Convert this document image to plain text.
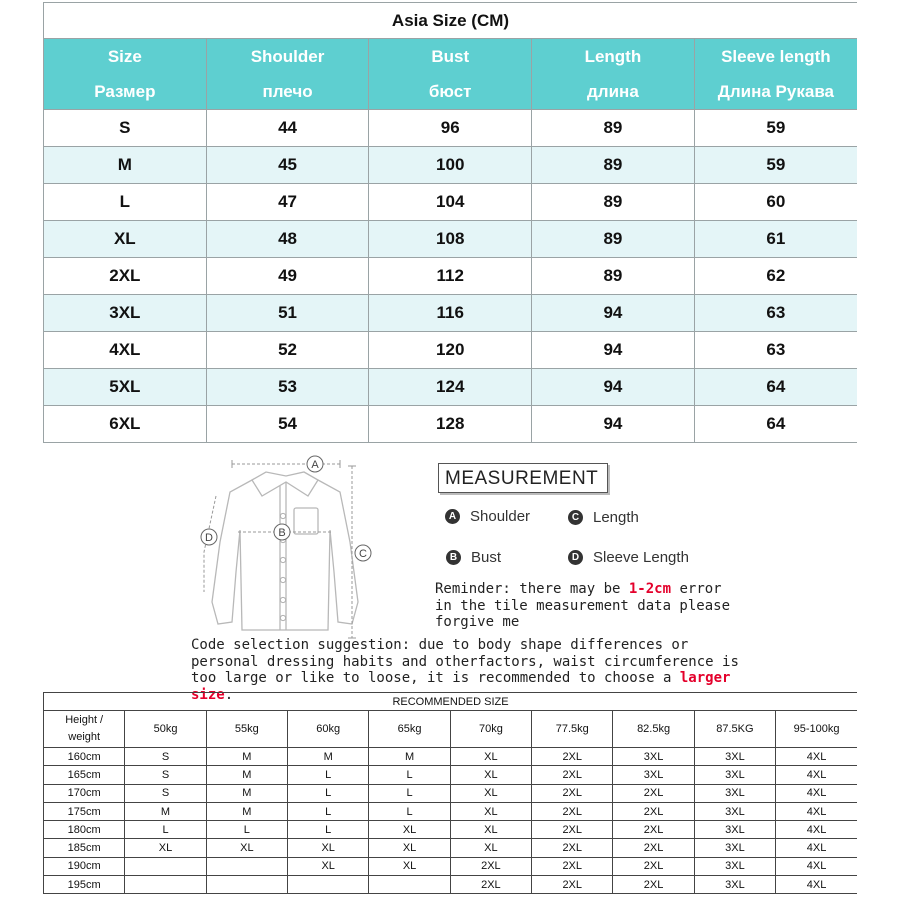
Asia Size (CM)				
Size	Shoulder	Bust	Length	Sleeve length
Размер	плечо	бюст	длина	Длина Рукава
S	44	96	89	59
M	45	100	89	59
L	47	104	89	60
XL	48	108	89	61
2XL	49	112	89	62
3XL	51	116	94	63
4XL	52	120	94	63
5XL	53	124	94	64
6XL	54	128	94	64
A
B
C
D
MEASUREMENT
A Shoulder	C Length
B Bust	D Sleeve Length
Reminder: there may be 1-2cm error in the tile measurement data please forgive me
Code selection suggestion: due to body shape differences or personal dressing habits and otherfactors, waist circumference is too large or like to loose, it is recommended to choose a larger size.	RECOMMENDED SIZE									
Height /
weight	50kg	55kg	60kg	65kg	70kg	77.5kg	82.5kg	87.5KG	95-100kg
160cm	S	M	M	M	XL	2XL	3XL	3XL	4XL
165cm	S	M	L	L	XL	2XL	3XL	3XL	4XL
170cm	S	M	L	L	XL	2XL	2XL	3XL	4XL
175cm	M	M	L	L	XL	2XL	2XL	3XL	4XL
180cm	L	L	L	XL	XL	2XL	2XL	3XL	4XL
185cm	XL	XL	XL	XL	XL	2XL	2XL	3XL	4XL
190cm			XL	XL	2XL	2XL	2XL	3XL	4XL
195cm					2XL	2XL	2XL	3XL	4XL
